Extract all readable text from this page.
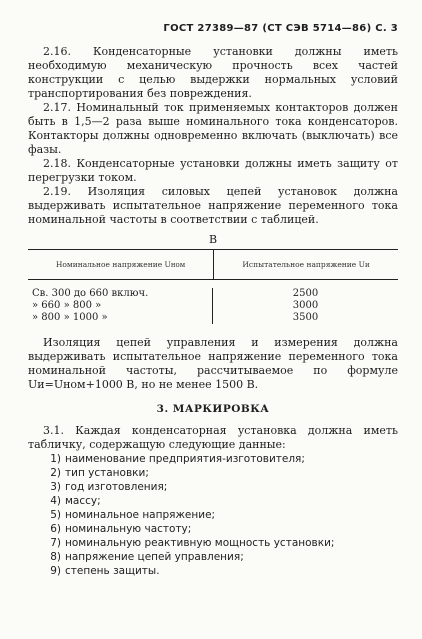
ГОСТ 27389—87 (СТ СЭВ 5714—86) С. 3

2.16. Конденсаторные установки должны иметь необходимую механическую прочность всех частей конструкции с целью выдержки нормальных условий транспортирования без повреждения.

2.17. Номинальный ток применяемых контакторов должен быть в 1,5—2 раза выше номинального тока конденсаторов. Контакторы должны одновременно включать (выключать) все фазы.

2.18. Конденсаторные установки должны иметь защиту от перегрузки током.

2.19. Изоляция силовых цепей установок должна выдерживать испытательное напряжение переменного тока номинальной частоты в соответствии с таблицей.

В
Номинальное напряжение U ном	Испытательное напряжение Uи
Св. 300 до 660 включ.
» 660 » 800 »
» 800 » 1000 »
2500
3000
3500

Изоляция цепей управления и измерения должна выдерживать испытательное напряжение переменного тока номинальной частоты, рассчитываемое по формуле Uи=Uном+1000 В, но не менее 1500 В.

3. МАРКИРОВКА

3.1. Каждая конденсаторная установка должна иметь табличку, содержащую следующие данные:

1) наименование предприятия-изготовителя;
2) тип установки;
3) год изготовления;
4) массу;
5) номинальное напряжение;
6) номинальную частоту;
7) номинальную реактивную мощность установки;
8) напряжение цепей управления;
9) степень защиты.
